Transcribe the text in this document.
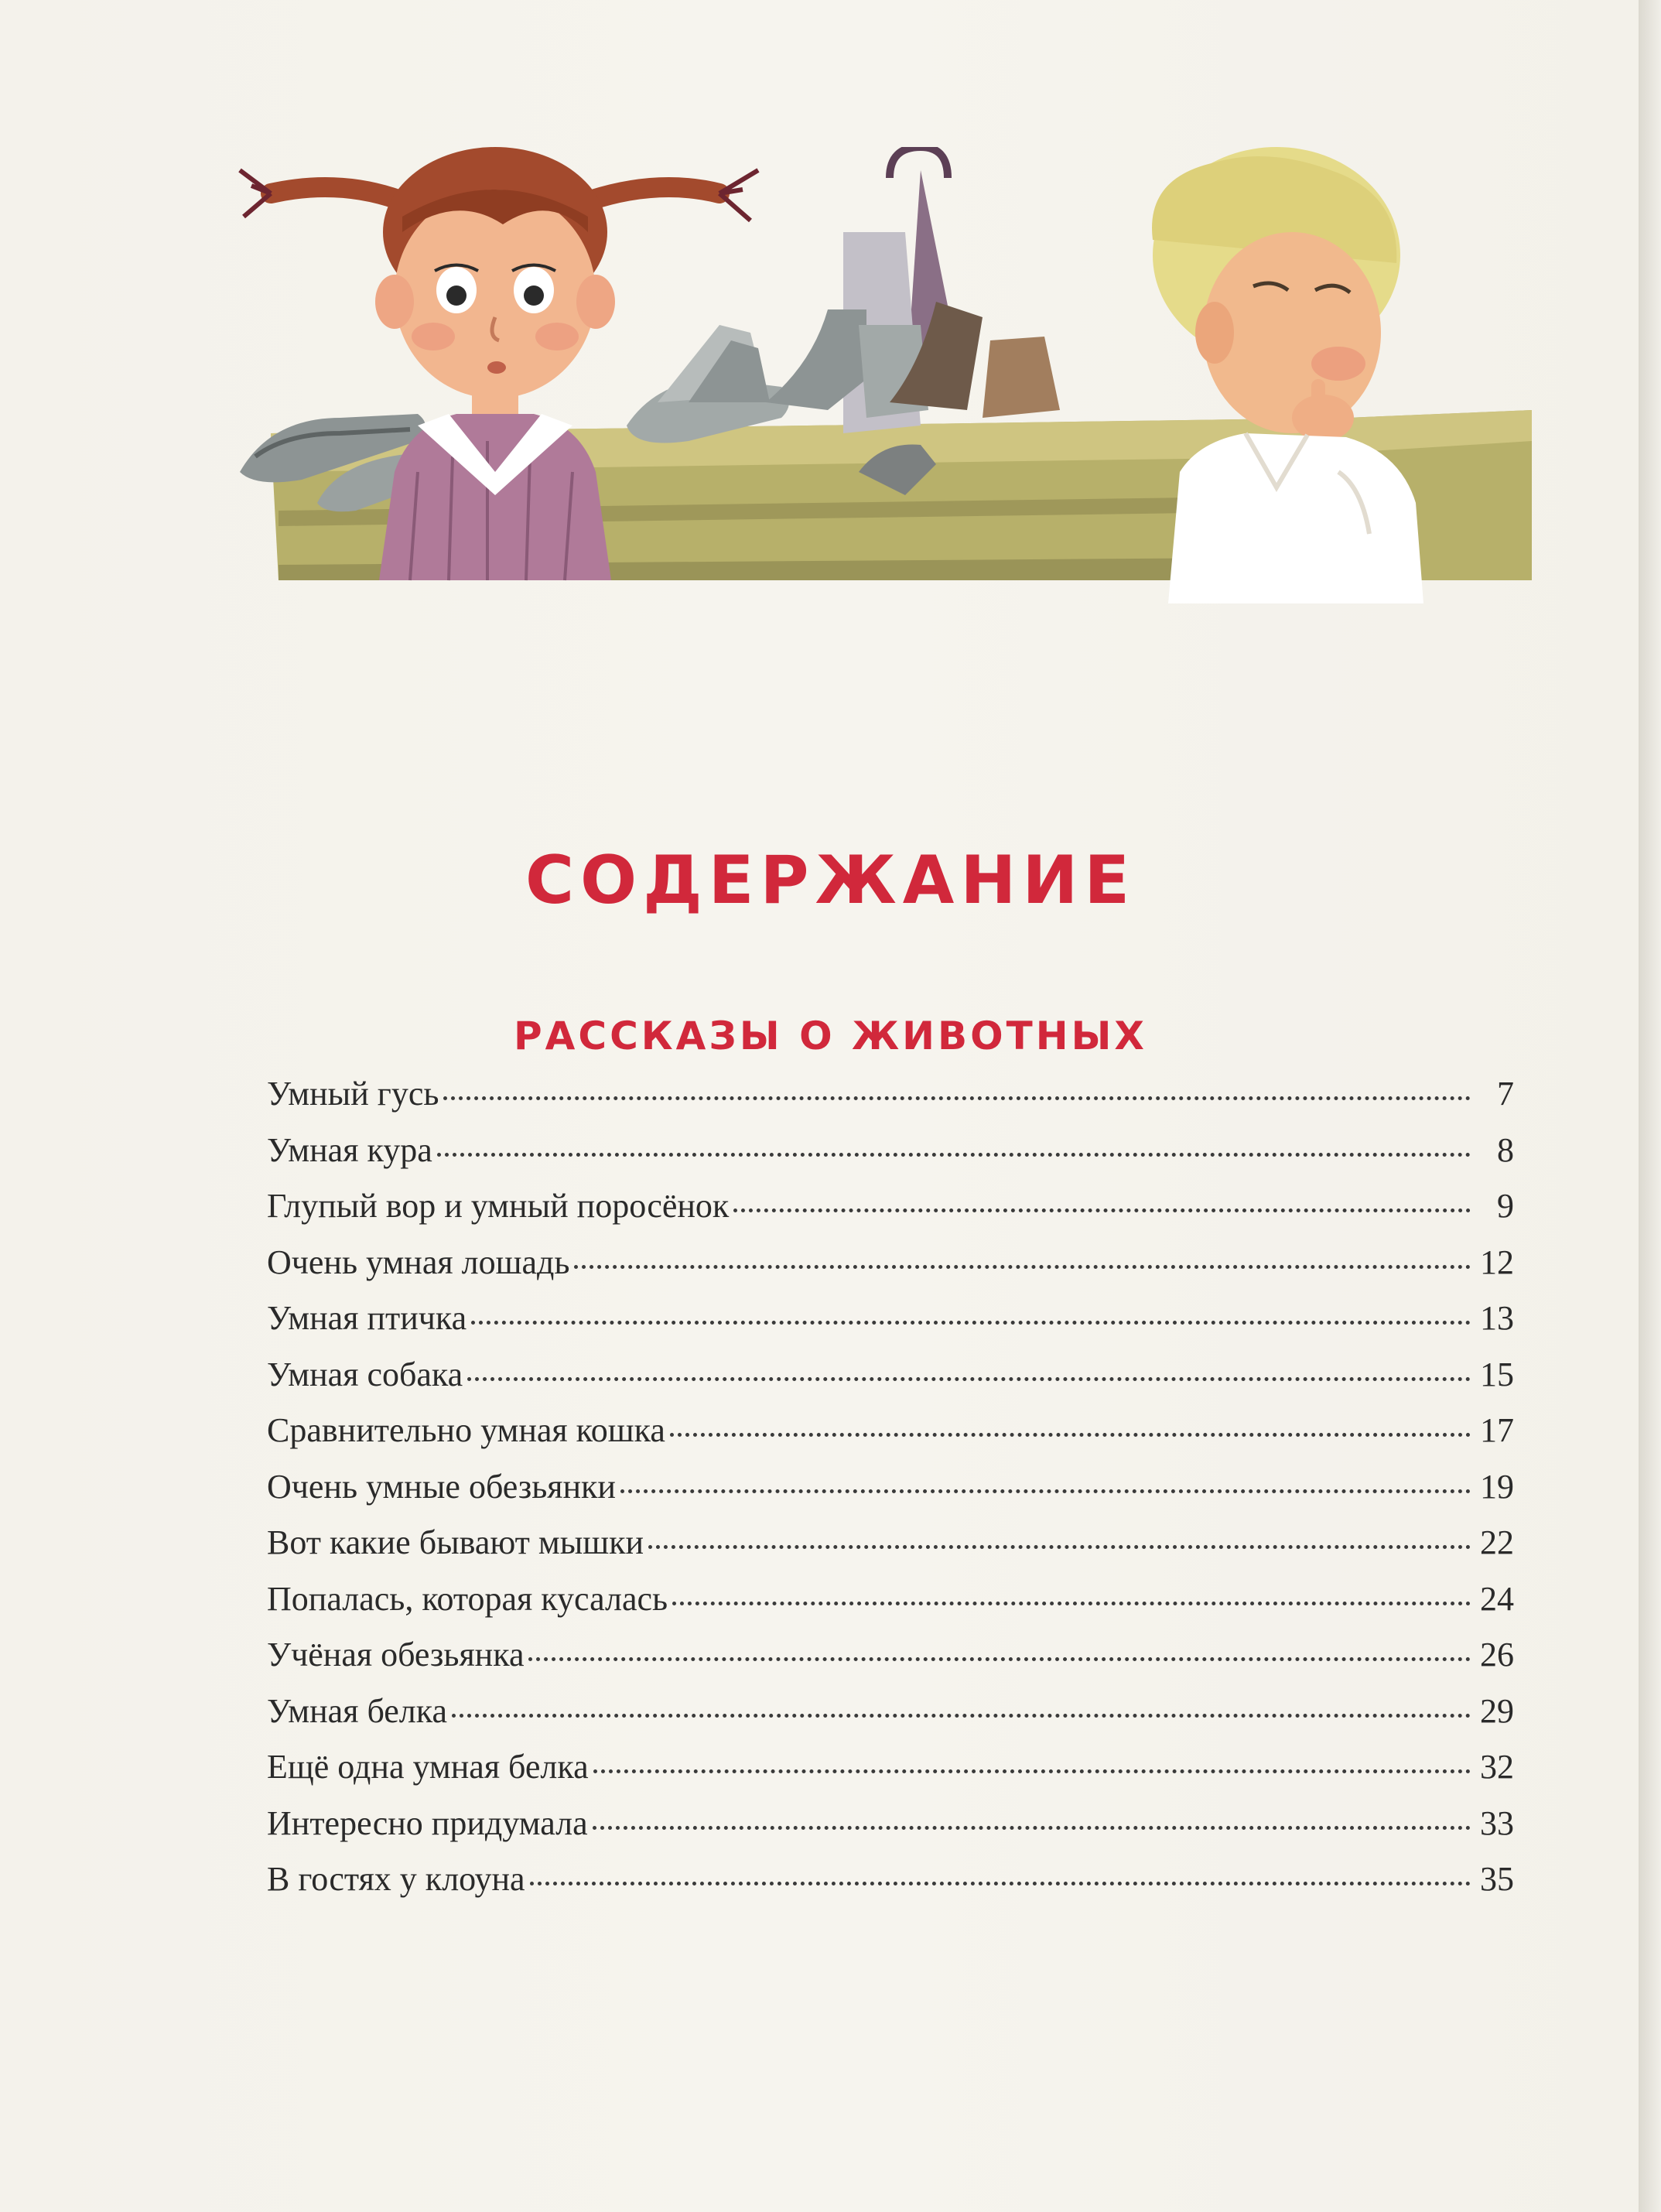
СОДЕРЖАНИЕ
РАССКАЗЫ О ЖИВОТНЫХ
Умный гусь	7
Умная кура	8
Глупый вор и умный поросёнок	9
Очень умная лошадь	12
Умная птичка	13
Умная собака	15
Сравнительно умная кошка	17
Очень умные обезьянки	19
Вот какие бывают мышки	22
Попалась, которая кусалась	24
Учёная обезьянка	26
Умная белка	29
Ещё одна умная белка	32
Интересно придумала	33
В гостях у клоуна	35
